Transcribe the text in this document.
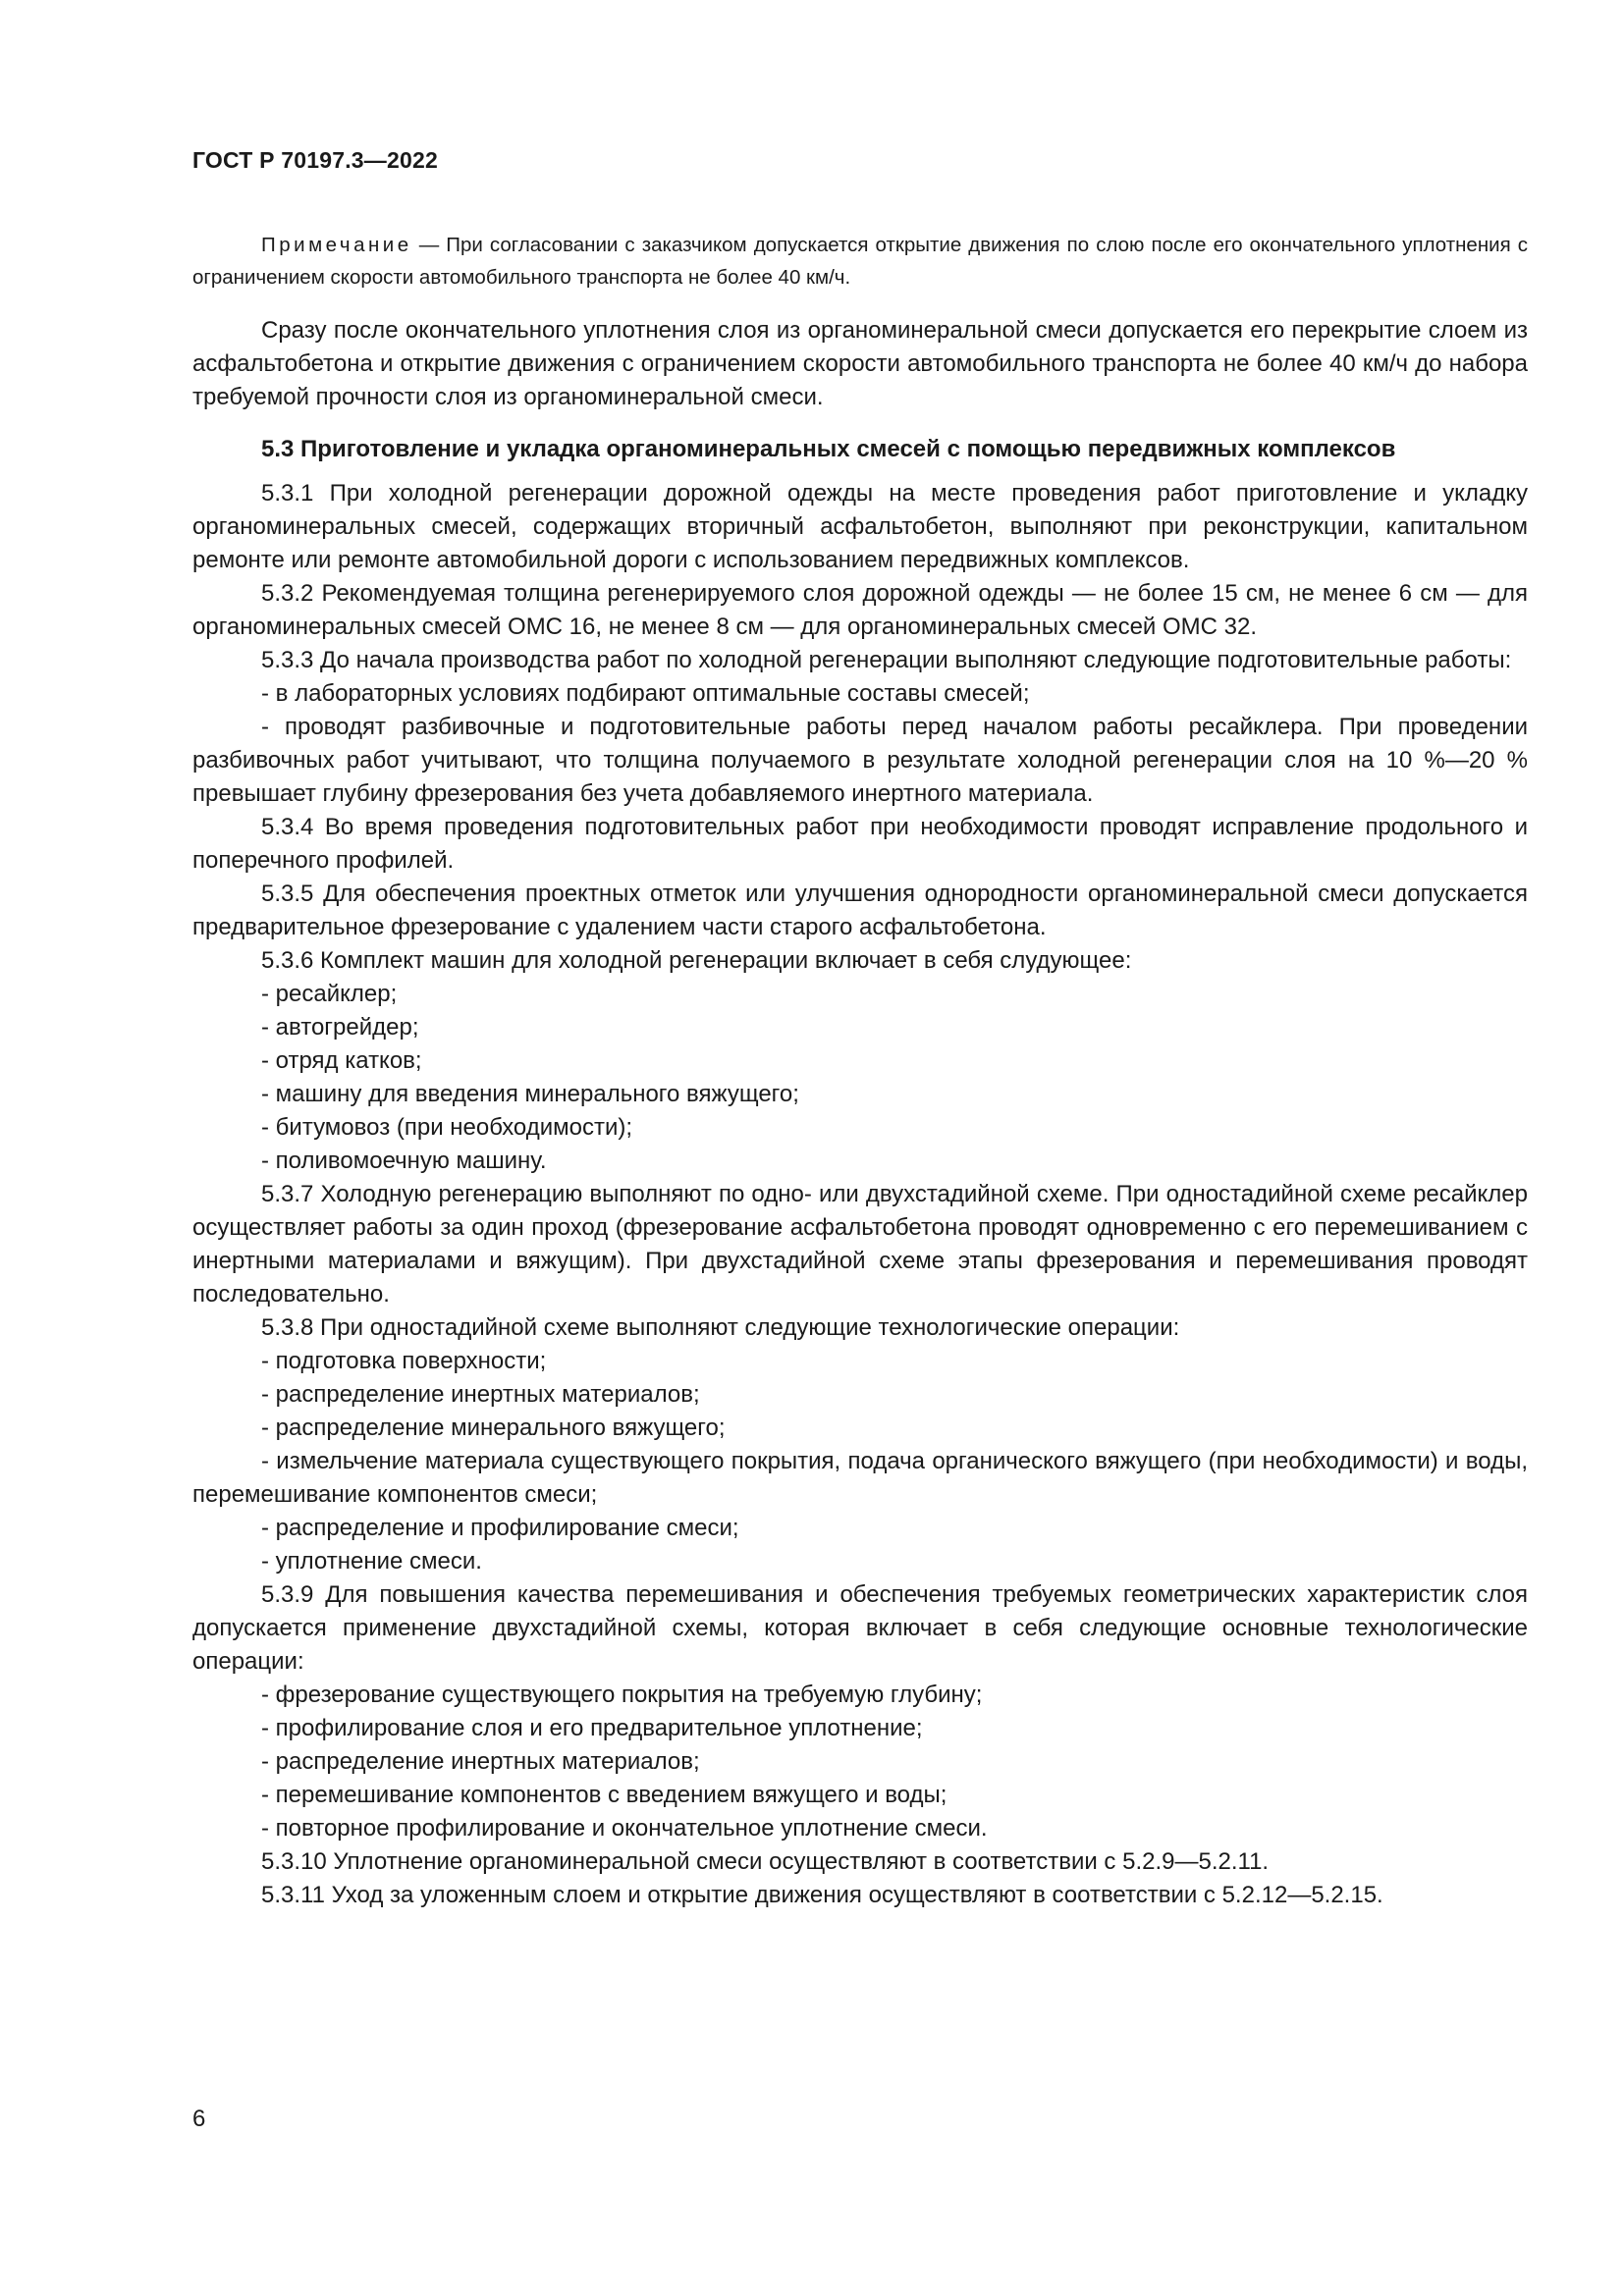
ГОСТ Р 70197.3—2022

Примечание — При согласовании с заказчиком допускается открытие движения по слою после его окончательного уплотнения с ограничением скорости автомобильного транспорта не более 40 км/ч.

Сразу после окончательного уплотнения слоя из органоминеральной смеси допускается его перекрытие слоем из асфальтобетона и открытие движения с ограничением скорости автомобильного транспорта не более 40 км/ч до набора требуемой прочности слоя из органоминеральной смеси.

5.3 Приготовление и укладка органоминеральных смесей с помощью передвижных комплексов

5.3.1 При холодной регенерации дорожной одежды на месте проведения работ приготовление и укладку органоминеральных смесей, содержащих вторичный асфальтобетон, выполняют при реконструкции, капитальном ремонте или ремонте автомобильной дороги с использованием передвижных комплексов.

5.3.2 Рекомендуемая толщина регенерируемого слоя дорожной одежды — не более 15 см, не менее 6 см — для органоминеральных смесей ОМС 16, не менее 8 см — для органоминеральных смесей ОМС 32.

5.3.3 До начала производства работ по холодной регенерации выполняют следующие подготовительные работы:

- в лабораторных условиях подбирают оптимальные составы смесей;

- проводят разбивочные и подготовительные работы перед началом работы ресайклера. При проведении разбивочных работ учитывают, что толщина получаемого в результате холодной регенерации слоя на 10 %—20 % превышает глубину фрезерования без учета добавляемого инертного материала.

5.3.4 Во время проведения подготовительных работ при необходимости проводят исправление продольного и поперечного профилей.

5.3.5 Для обеспечения проектных отметок или улучшения однородности органоминеральной смеси допускается предварительное фрезерование с удалением части старого асфальтобетона.

5.3.6 Комплект машин для холодной регенерации включает в себя слудующее:

- ресайклер;

- автогрейдер;

- отряд катков;

- машину для введения минерального вяжущего;

- битумовоз (при необходимости);

- поливомоечную машину.

5.3.7 Холодную регенерацию выполняют по одно- или двухстадийной схеме. При одностадийной схеме ресайклер осуществляет работы за один проход (фрезерование асфальтобетона проводят одновременно с его перемешиванием с инертными материалами и вяжущим). При двухстадийной схеме этапы фрезерования и перемешивания проводят последовательно.

5.3.8 При одностадийной схеме выполняют следующие технологические операции:

- подготовка поверхности;

- распределение инертных материалов;

- распределение минерального вяжущего;

- измельчение материала существующего покрытия, подача органического вяжущего (при необходимости) и воды, перемешивание компонентов смеси;

- распределение и профилирование смеси;

- уплотнение смеси.

5.3.9 Для повышения качества перемешивания и обеспечения требуемых геометрических характеристик слоя допускается применение двухстадийной схемы, которая включает в себя следующие основные технологические операции:

- фрезерование существующего покрытия на требуемую глубину;

- профилирование слоя и его предварительное уплотнение;

- распределение инертных материалов;

- перемешивание компонентов с введением вяжущего и воды;

- повторное профилирование и окончательное уплотнение смеси.

5.3.10 Уплотнение органоминеральной смеси осуществляют в соответствии с 5.2.9—5.2.11.

5.3.11 Уход за уложенным слоем и открытие движения осуществляют в соответствии с 5.2.12—5.2.15.

6
